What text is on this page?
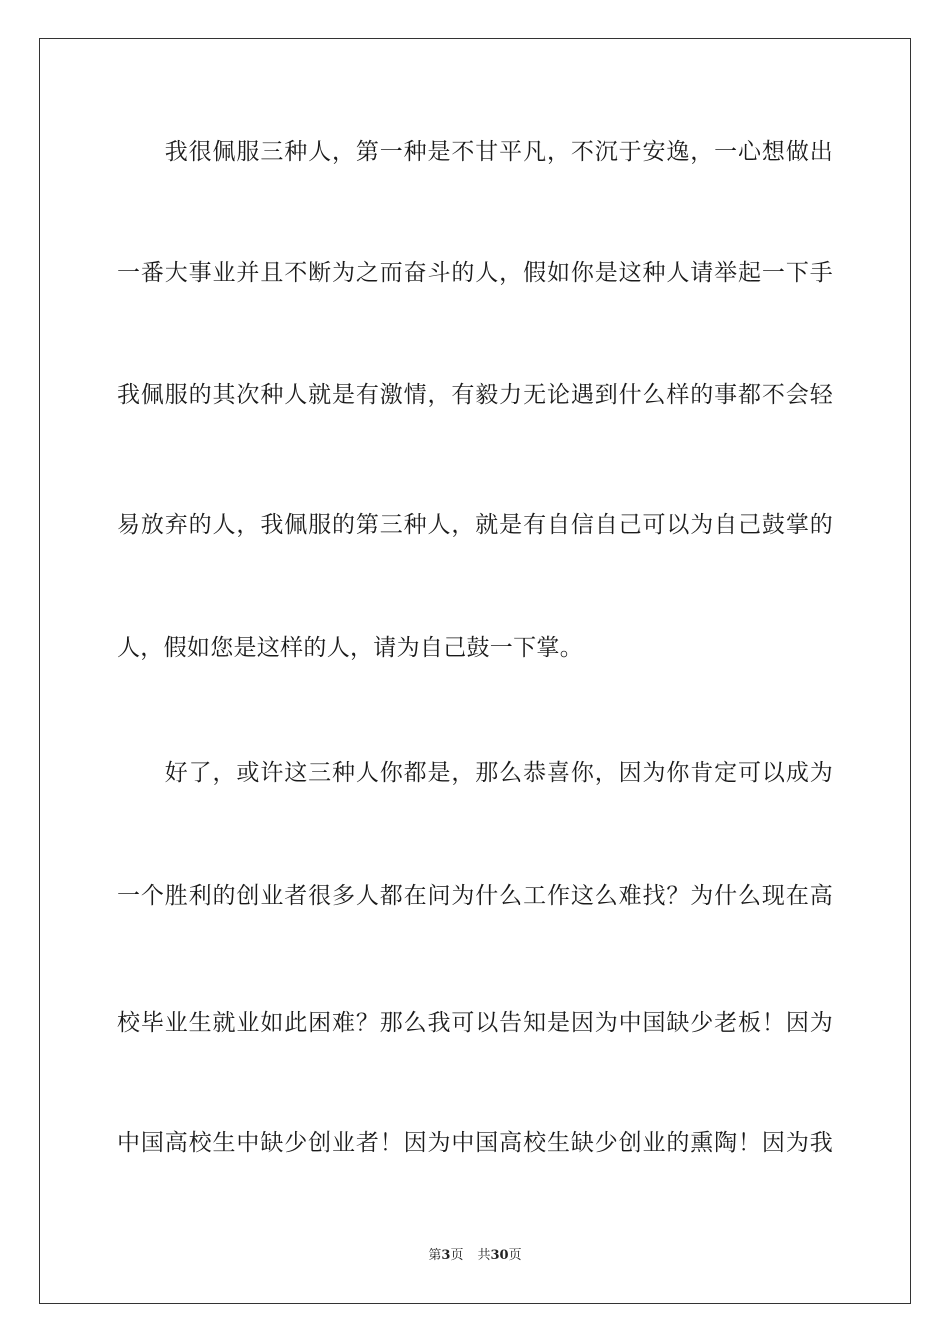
　　我很佩服三种人，第一种是不甘平凡，不沉于安逸，一心想做出

一番大事业并且不断为之而奋斗的人，假如你是这种人请举起一下手

我佩服的其次种人就是有激情，有毅力无论遇到什么样的事都不会轻

易放弃的人，我佩服的第三种人，就是有自信自己可以为自己鼓掌的

人，假如您是这样的人，请为自己鼓一下掌。

　　好了，或许这三种人你都是，那么恭喜你，因为你肯定可以成为

一个胜利的创业者很多人都在问为什么工作这么难找？为什么现在高

校毕业生就业如此困难？那么我可以告知是因为中国缺少老板！因为

中国高校生中缺少创业者！因为中国高校生缺少创业的熏陶！因为我

第3页 共30页
